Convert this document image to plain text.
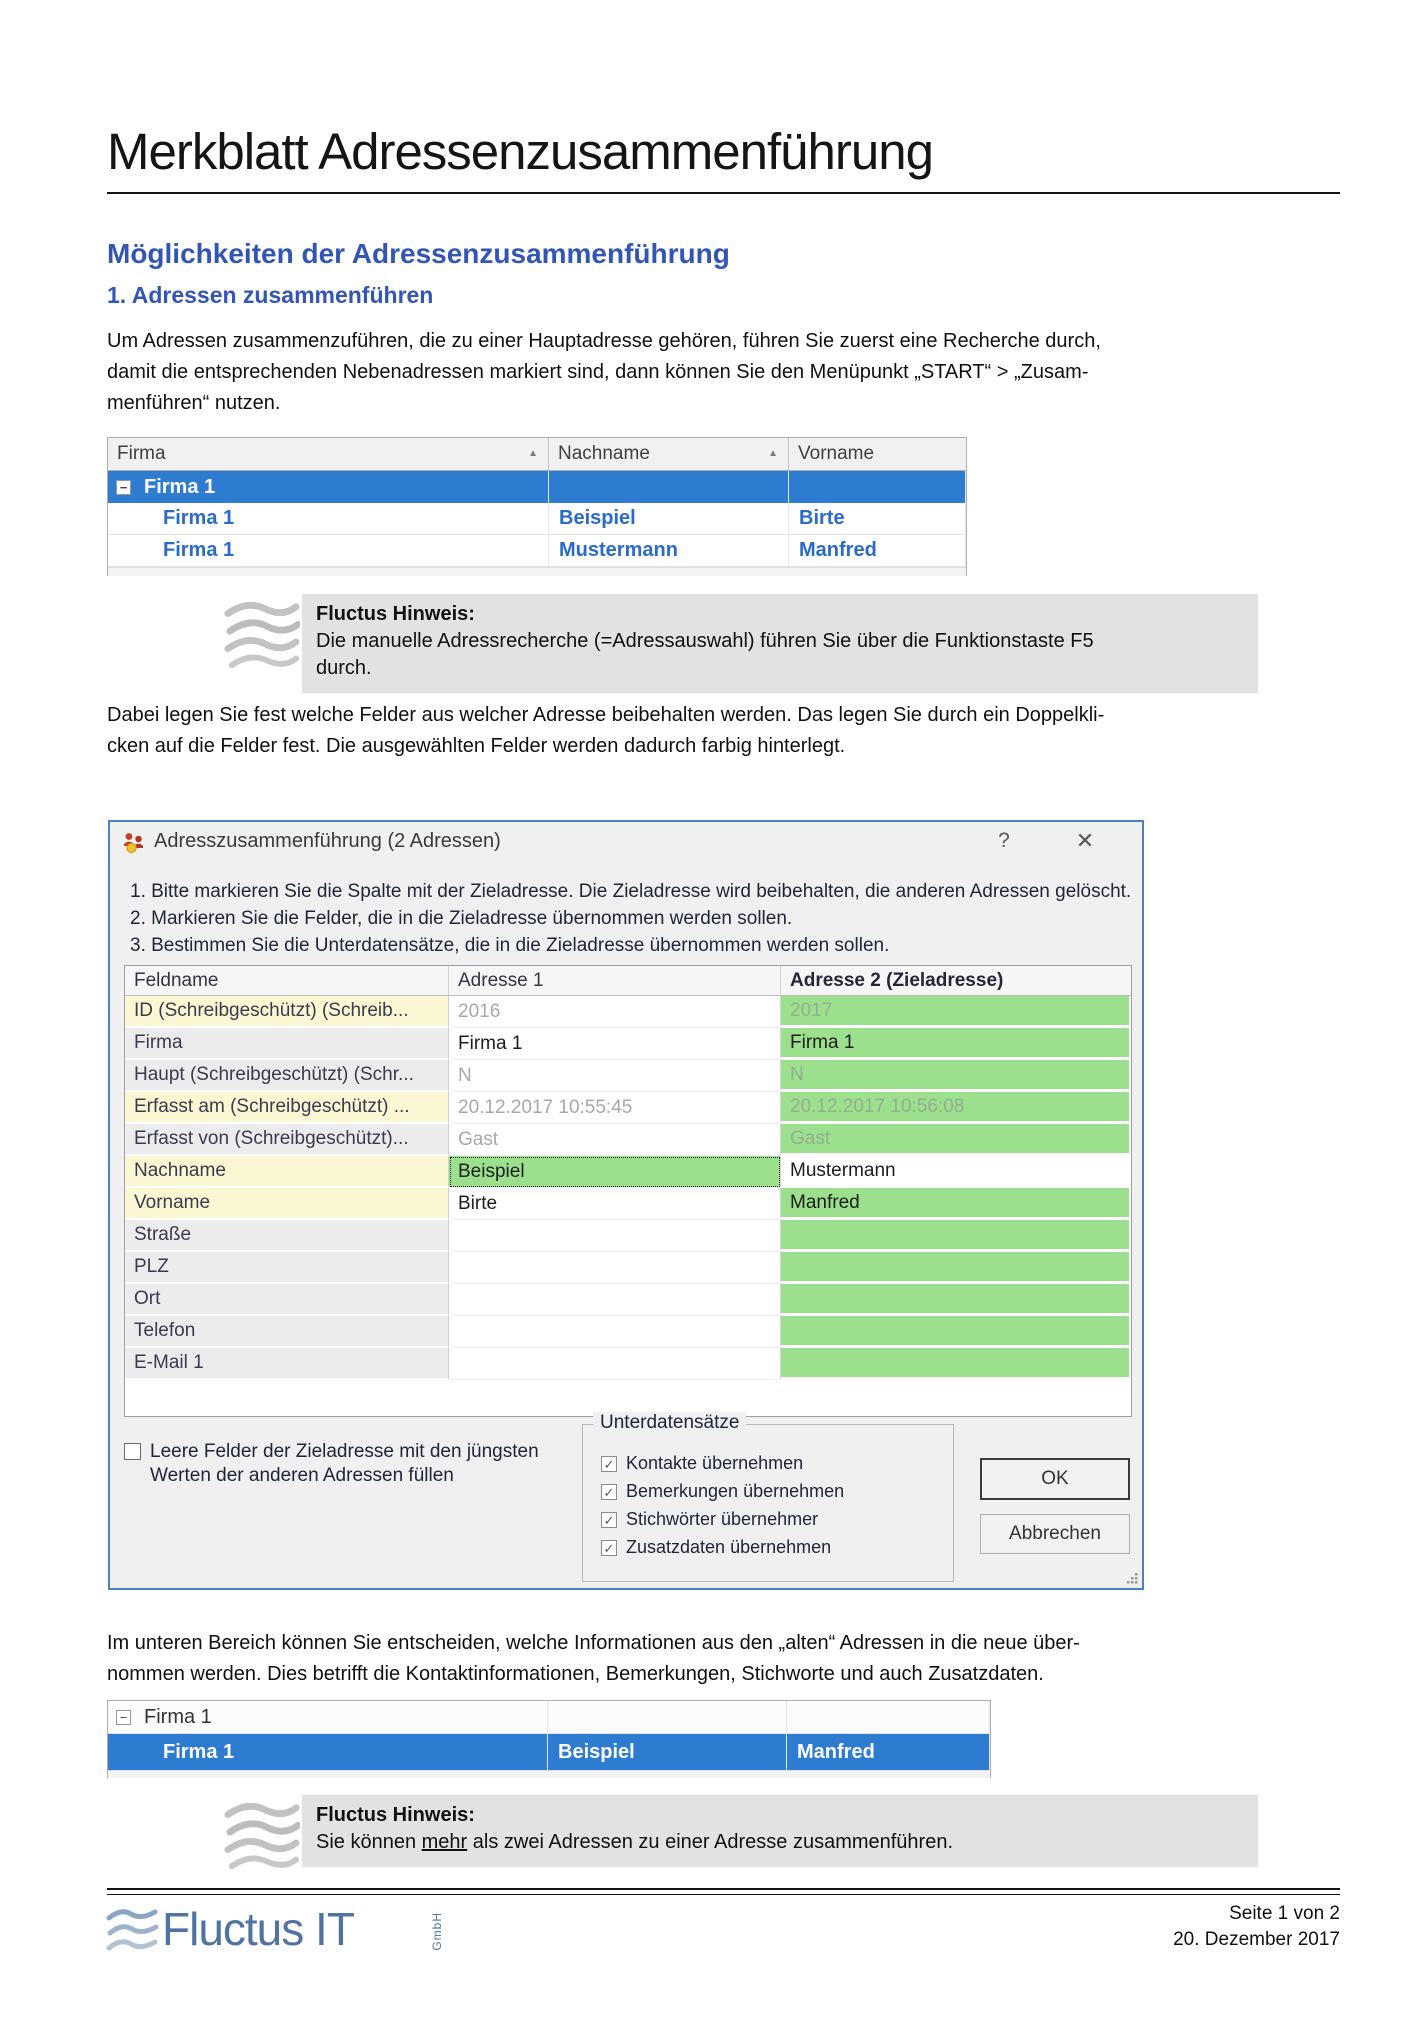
Merkblatt Adressenzusammenführung
Möglichkeiten der Adressenzusammenführung
1. Adressen zusammenführen
Um Adressen zusammenzuführen, die zu einer Hauptadresse gehören, führen Sie zuerst eine Recherche durch,
damit die entsprechenden Nebenadressen markiert sind, dann können Sie den Menüpunkt „START“ > „Zusam-
menführen“ nutzen.
Firma	▲ Nachname	▲ Vorname
− Firma 1
Firma 1	Beispiel	Birte
Firma 1	Mustermann	Manfred
Fluctus Hinweis:
Die manuelle Adressrecherche (=Adressauswahl) führen Sie über die Funktionstaste F5
durch.
Dabei legen Sie fest welche Felder aus welcher Adresse beibehalten werden. Das legen Sie durch ein Doppelkli-
cken auf die Felder fest. Die ausgewählten Felder werden dadurch farbig hinterlegt.
Adresszusammenführung (2 Adressen)	?	✕
1. Bitte markieren Sie die Spalte mit der Zieladresse. Die Zieladresse wird beibehalten, die anderen Adressen gelöscht.
2. Markieren Sie die Felder, die in die Zieladresse übernommen werden sollen.
3. Bestimmen Sie die Unterdatensätze, die in die Zieladresse übernommen werden sollen.
Feldname	Adresse 1	Adresse 2 (Zieladresse)
ID (Schreibgeschützt) (Schreib...	2016	2017
Firma	Firma 1	Firma 1
Haupt (Schreibgeschützt) (Schr...	N	N
Erfasst am (Schreibgeschützt) ...	20.12.2017 10:55:45	20.12.2017 10:56:08
Erfasst von (Schreibgeschützt)...	Gast	Gast
Nachname	Beispiel	Mustermann
Vorname	Birte	Manfred
Straße
PLZ
Ort
Telefon
E-Mail 1
Leere Felder der Zieladresse mit den jüngsten
Werten der anderen Adressen füllen
Unterdatensätze
✓ Kontakte übernehmen
✓ Bemerkungen übernehmen
✓ Stichwörter übernehmer
✓ Zusatzdaten übernehmen
OK
Abbrechen
Im unteren Bereich können Sie entscheiden, welche Informationen aus den „alten“ Adressen in die neue über-
nommen werden. Dies betrifft die Kontaktinformationen, Bemerkungen, Stichworte und auch Zusatzdaten.
− Firma 1
Firma 1	Beispiel	Manfred
Fluctus Hinweis:
Sie können mehr als zwei Adressen zu einer Adresse zusammenführen.
Fluctus IT	GmbH	Seite 1 von 2
20. Dezember 2017
